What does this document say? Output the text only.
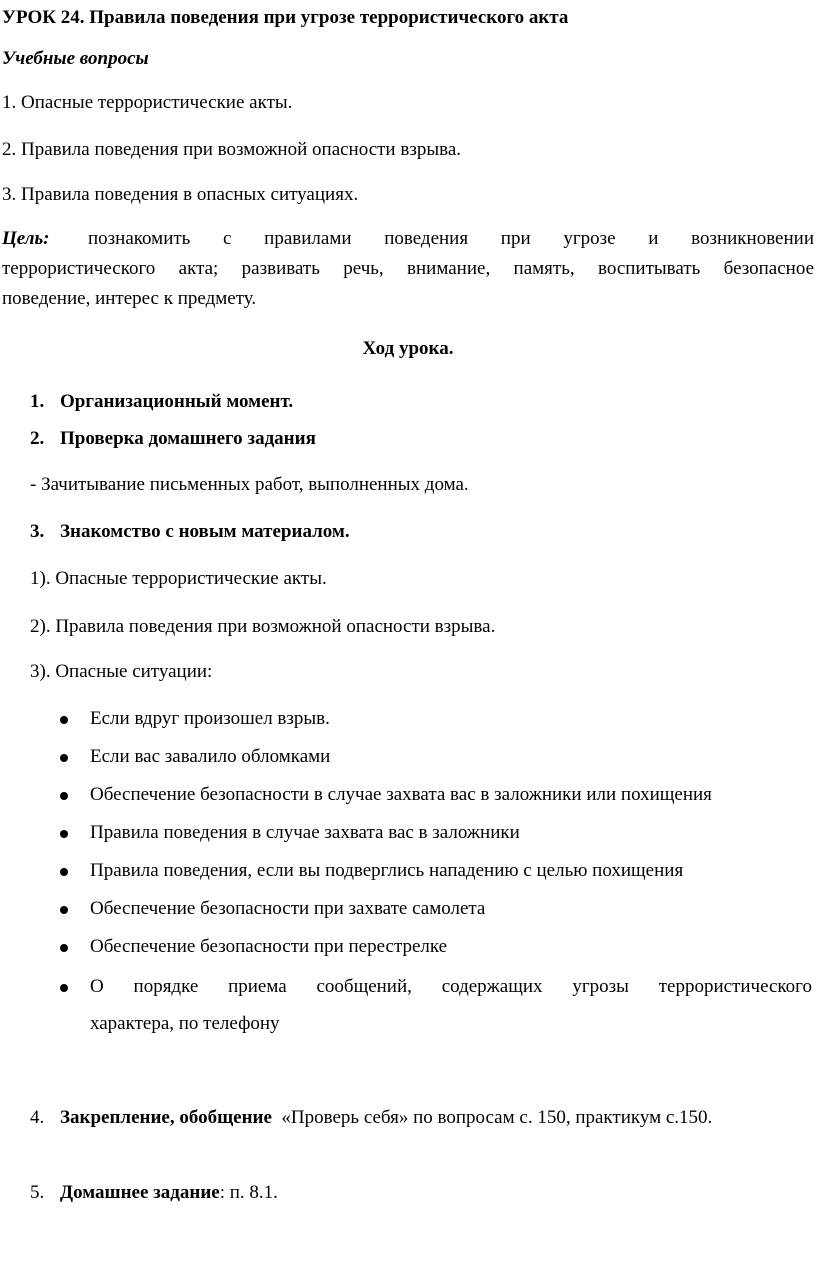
УРОК 24. Правила поведения при угрозе террористического акта
Учебные вопросы
1. Опасные террористические акты.
2. Правила поведения при возможной опасности взрыва.
3. Правила поведения в опасных ситуациях.
Цель: познакомить с правилами поведения при угрозе и возникновении
террористического акта; развивать речь, внимание, память, воспитывать безопасное
поведение, интерес к предмету.
Ход урока.
1. Организационный момент.
2. Проверка домашнего задания
- Зачитывание письменных работ, выполненных дома.
3. Знакомство с новым материалом.
1). Опасные террористические акты.
2). Правила поведения при возможной опасности взрыва.
3). Опасные ситуации:
Если вдруг произошел взрыв.
Если вас завалило обломками
Обеспечение безопасности в случае захвата вас в заложники или похищения
Правила поведения в случае захвата вас в заложники
Правила поведения, если вы подверглись нападению с целью похищения
Обеспечение безопасности при захвате самолета
Обеспечение безопасности при перестрелке
О порядке приема сообщений, содержащих угрозы террористического
характера, по телефону
4. Закрепление, обобщение  «Проверь себя» по вопросам с. 150, практикум с.150.
5. Домашнее задание: п. 8.1.
